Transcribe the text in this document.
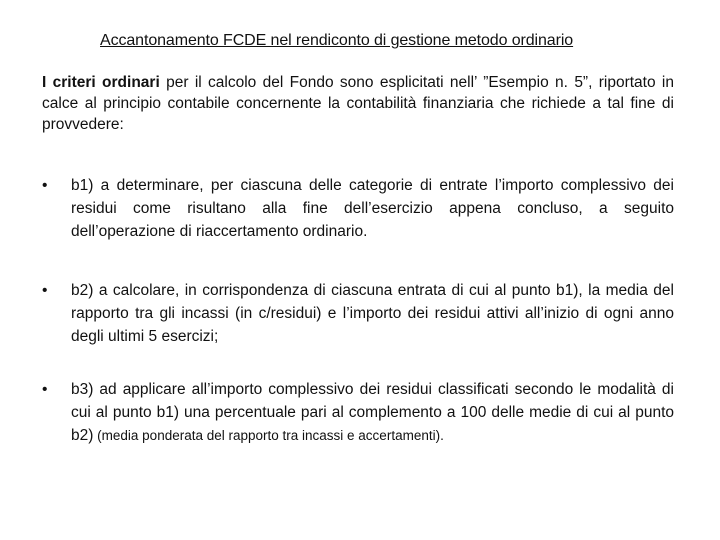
Accantonamento FCDE nel rendiconto di gestione metodo ordinario
I criteri ordinari per il calcolo del Fondo sono esplicitati nell’ ”Esempio n. 5”, riportato in calce al principio contabile concernente la contabilità finanziaria che richiede a tal fine di provvedere:
•	b1) a determinare, per ciascuna delle categorie di entrate l’importo complessivo dei residui come risultano alla fine dell’esercizio appena concluso, a seguito dell’operazione di riaccertamento ordinario.
•	b2) a calcolare, in corrispondenza di ciascuna entrata di cui al punto b1), la media del rapporto tra gli incassi (in c/residui) e l’importo dei residui attivi all’inizio di ogni anno degli ultimi 5 esercizi;
•	b3) ad applicare all’importo complessivo dei residui classificati secondo le modalità di cui al punto b1) una percentuale pari al complemento a 100 delle medie di cui al punto b2) (media ponderata del rapporto tra incassi e accertamenti).
